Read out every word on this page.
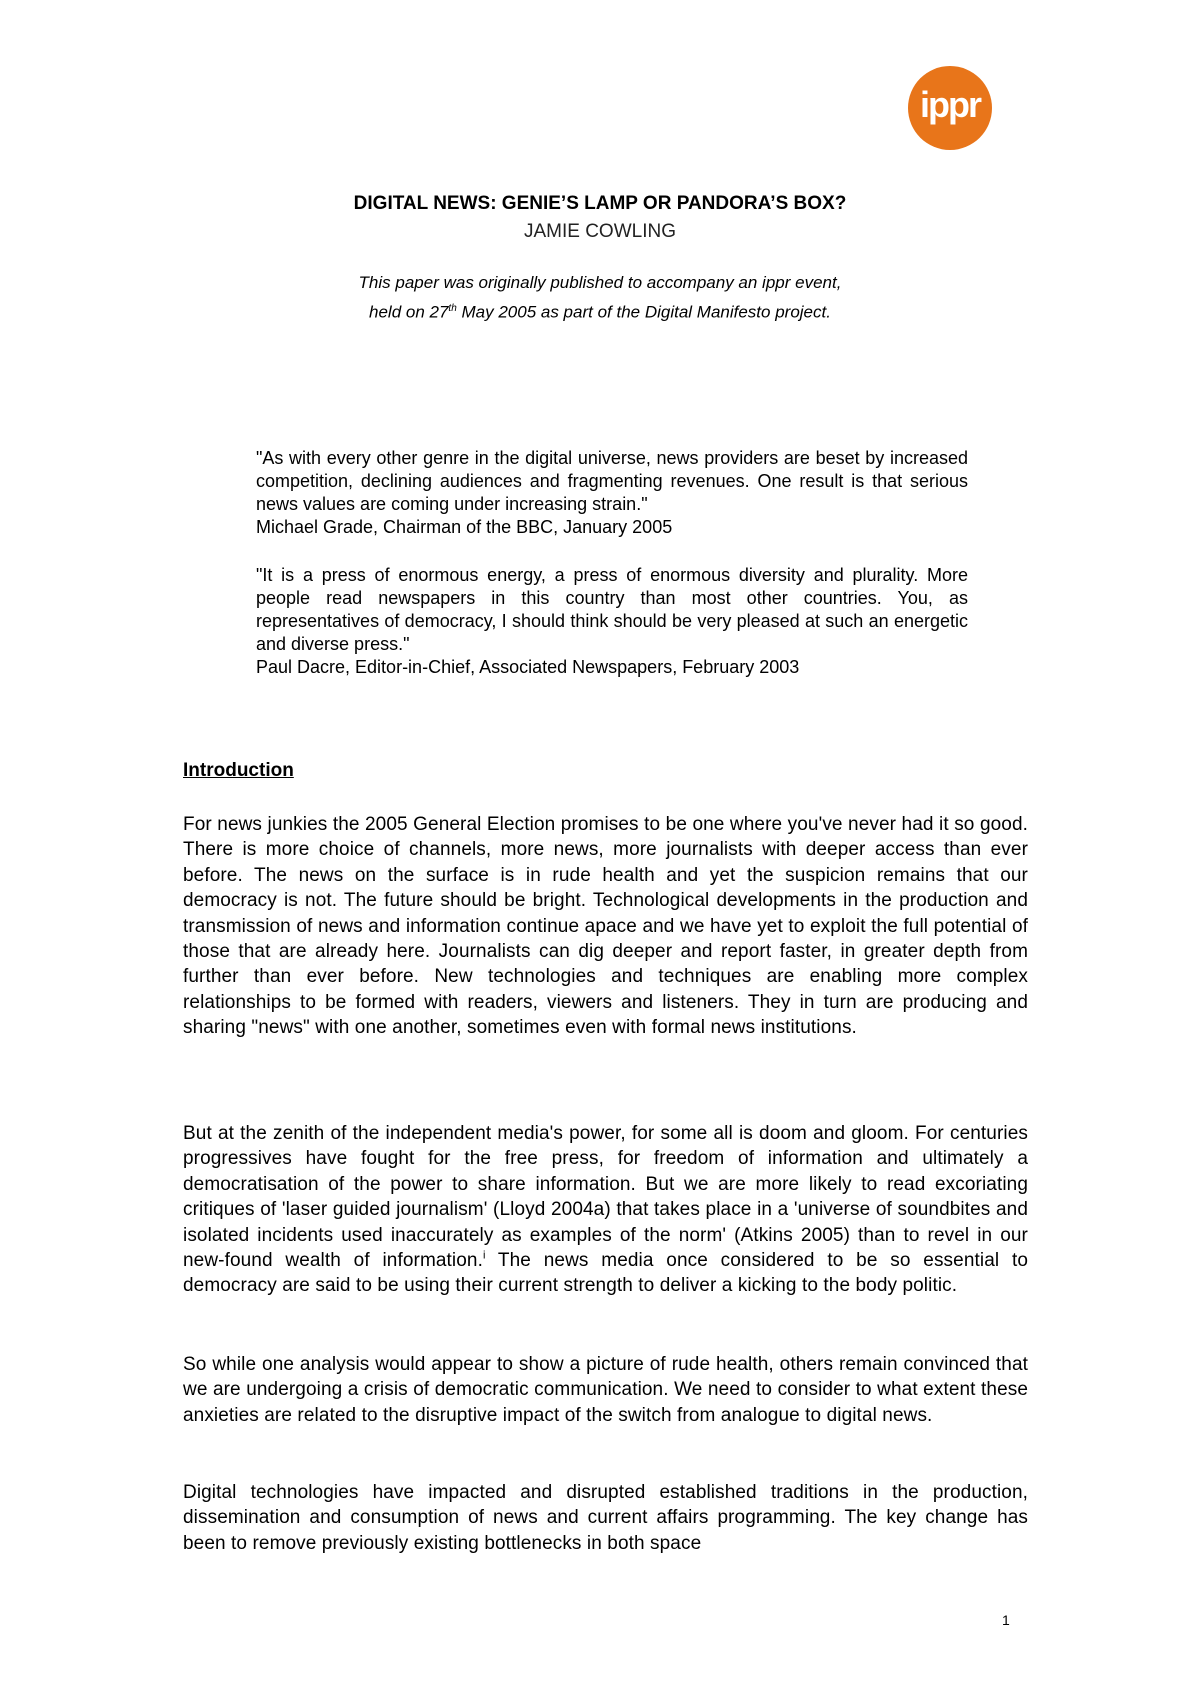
ippr
DIGITAL NEWS: GENIE’S LAMP OR PANDORA’S BOX?
JAMIE COWLING
This paper was originally published to accompany an ippr event,
held on 27th May 2005 as part of the Digital Manifesto project.

"As with every other genre in the digital universe, news providers are beset by increased competition, declining audiences and fragmenting revenues. One result is that serious news values are coming under increasing strain."

Michael Grade, Chairman of the BBC, January 2005

"It is a press of enormous energy, a press of enormous diversity and plurality. More people read newspapers in this country than most other countries. You, as representatives of democracy, I should think should be very pleased at such an energetic and diverse press."

Paul Dacre, Editor-in-Chief, Associated Newspapers, February 2003

Introduction

For news junkies the 2005 General Election promises to be one where you've never had it so good. There is more choice of channels, more news, more journalists with deeper access than ever before. The news on the surface is in rude health and yet the suspicion remains that our democracy is not. The future should be bright. Technological developments in the production and transmission of news and information continue apace and we have yet to exploit the full potential of those that are already here. Journalists can dig deeper and report faster, in greater depth from further than ever before. New technologies and techniques are enabling more complex relationships to be formed with readers, viewers and listeners. They in turn are producing and sharing "news" with one another, sometimes even with formal news institutions.

But at the zenith of the independent media's power, for some all is doom and gloom. For centuries progressives have fought for the free press, for freedom of information and ultimately a democratisation of the power to share information. But we are more likely to read excoriating critiques of 'laser guided journalism' (Lloyd 2004a) that takes place in a 'universe of soundbites and isolated incidents used inaccurately as examples of the norm' (Atkins 2005) than to revel in our new-found wealth of information.$^i$ The news media once considered to be so essential to democracy are said to be using their current strength to deliver a kicking to the body politic.

So while one analysis would appear to show a picture of rude health, others remain convinced that we are undergoing a crisis of democratic communication. We need to consider to what extent these anxieties are related to the disruptive impact of the switch from analogue to digital news.

Digital technologies have impacted and disrupted established traditions in the production, dissemination and consumption of news and current affairs programming. The key change has been to remove previously existing bottlenecks in both space

1
